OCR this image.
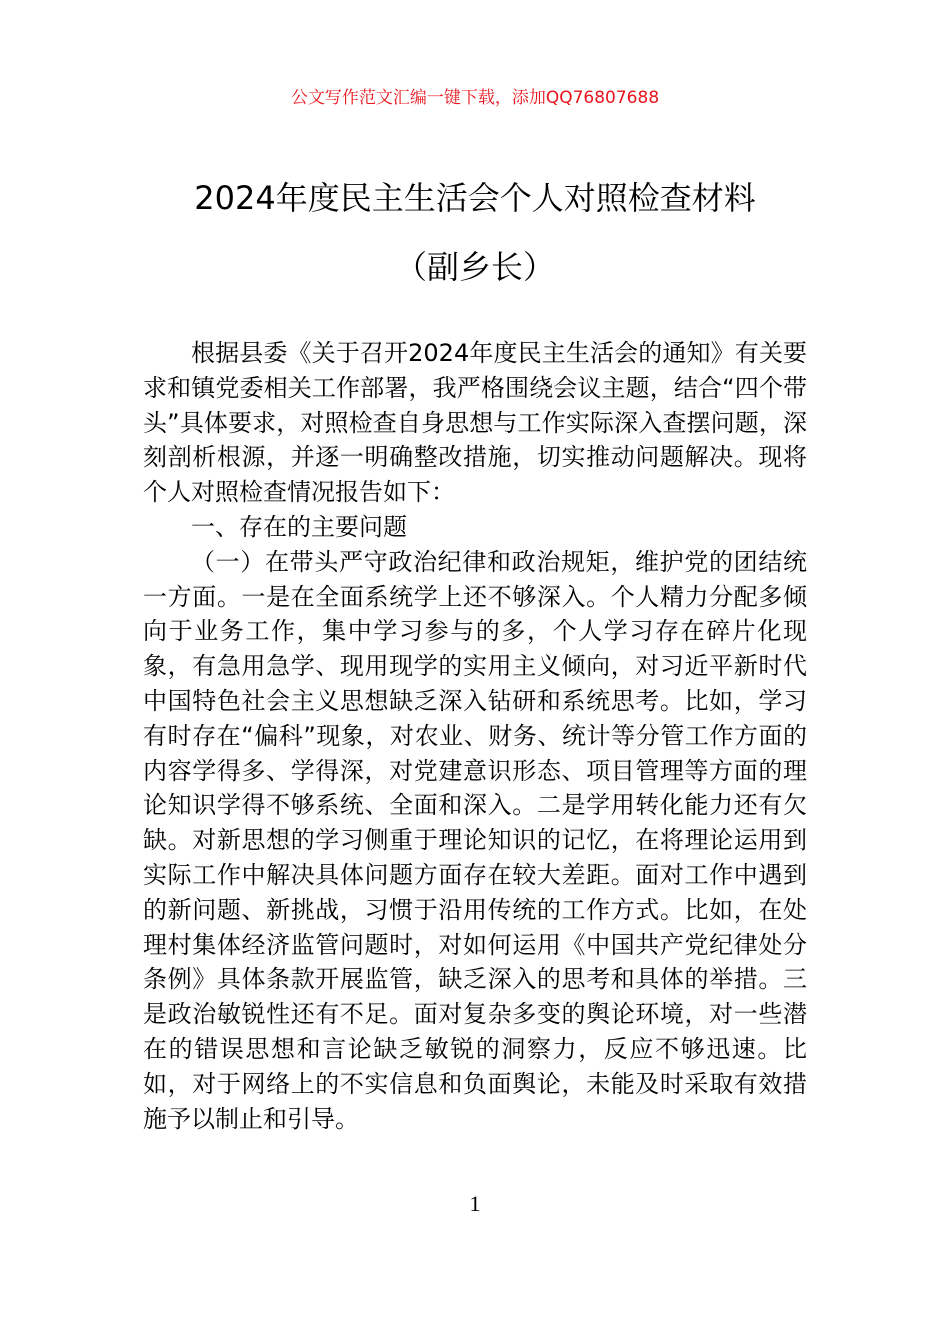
公文写作范文汇编一键下载，添加QQ76807688
2024年度民主生活会个人对照检查材料
（副乡长）

根据县委《关于召开2024年度民主生活会的通知》有关要求和镇党委相关工作部署，我严格围绕会议主题，结合“四个带头”具体要求，对照检查自身思想与工作实际深入查摆问题，深刻剖析根源，并逐一明确整改措施，切实推动问题解决。现将个人对照检查情况报告如下：

一、存在的主要问题

（一）在带头严守政治纪律和政治规矩，维护党的团结统一方面。一是在全面系统学上还不够深入。个人精力分配多倾向于业务工作，集中学习参与的多，个人学习存在碎片化现象，有急用急学、现用现学的实用主义倾向，对习近平新时代中国特色社会主义思想缺乏深入钻研和系统思考。比如，学习有时存在“偏科”现象，对农业、财务、统计等分管工作方面的内容学得多、学得深，对党建意识形态、项目管理等方面的理论知识学得不够系统、全面和深入。二是学用转化能力还有欠缺。对新思想的学习侧重于理论知识的记忆，在将理论运用到实际工作中解决具体问题方面存在较大差距。面对工作中遇到的新问题、新挑战，习惯于沿用传统的工作方式。比如，在处理村集体经济监管问题时，对如何运用《中国共产党纪律处分条例》具体条款开展监管，缺乏深入的思考和具体的举措。三是政治敏锐性还有不足。面对复杂多变的舆论环境，对一些潜在的错误思想和言论缺乏敏锐的洞察力，反应不够迅速。比如，对于网络上的不实信息和负面舆论，未能及时采取有效措施予以制止和引导。

1
